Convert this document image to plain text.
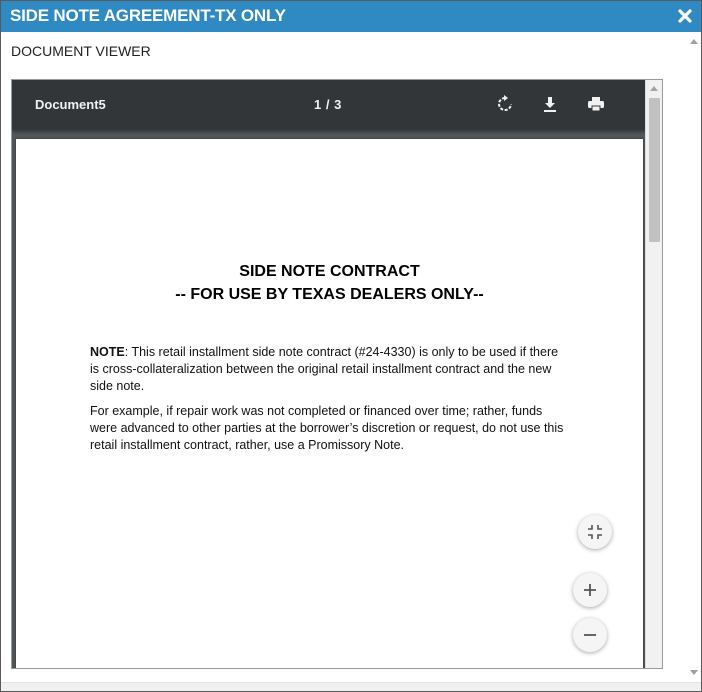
SIDE NOTE AGREEMENT-TX ONLY
DOCUMENT VIEWER
Document5	1 / 3
SIDE NOTE CONTRACT
-- FOR USE BY TEXAS DEALERS ONLY--

NOTE: This retail installment side note contract (#24-4330) is only to be used if there is cross-collateralization between the original retail installment contract and the new side note.

For example, if repair work was not completed or financed over time; rather, funds were advanced to other parties at the borrower’s discretion or request, do not use this retail installment contract, rather, use a Promissory Note.
